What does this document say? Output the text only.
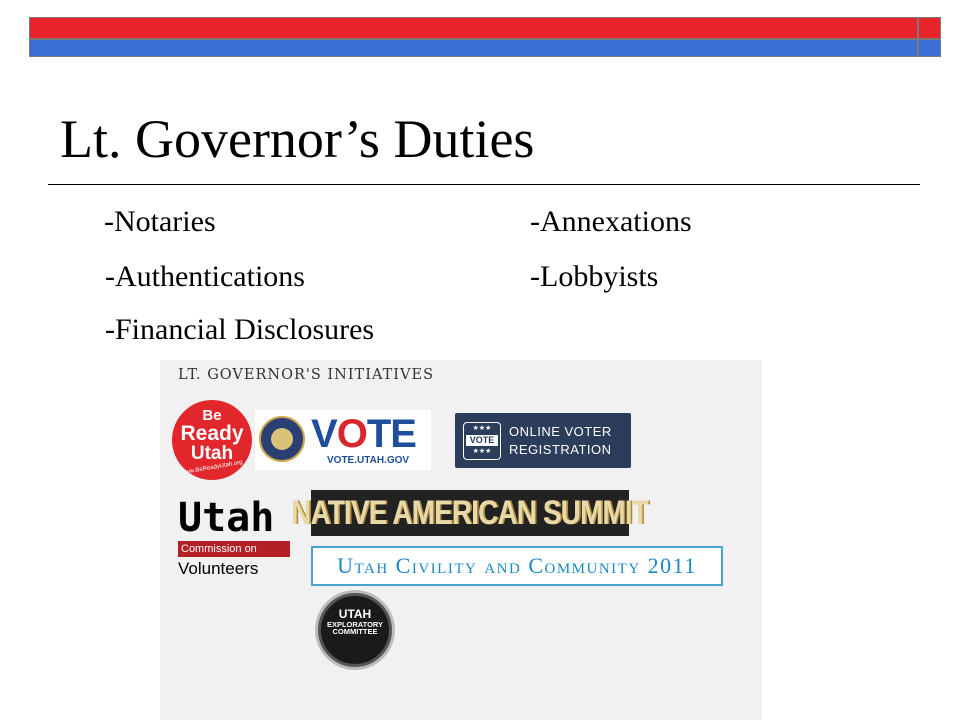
Lt. Governor’s Duties
-Notaries
-Authentications
-Financial Disclosures
-Annexations
-Lobbyists
LT. GOVERNOR'S INITIATIVES
Be
Ready
Utah
www.BeReadyUtah.org
VOTE
VOTE.UTAH.GOV
★★★
VOTE
★★★
ONLINE VOTER
REGISTRATION
Utah
Commission on
Volunteers
NATIVE AMERICAN SUMMIT
Utah Civility and Community 2011
UTAH
EXPLORATORY
COMMITTEE
